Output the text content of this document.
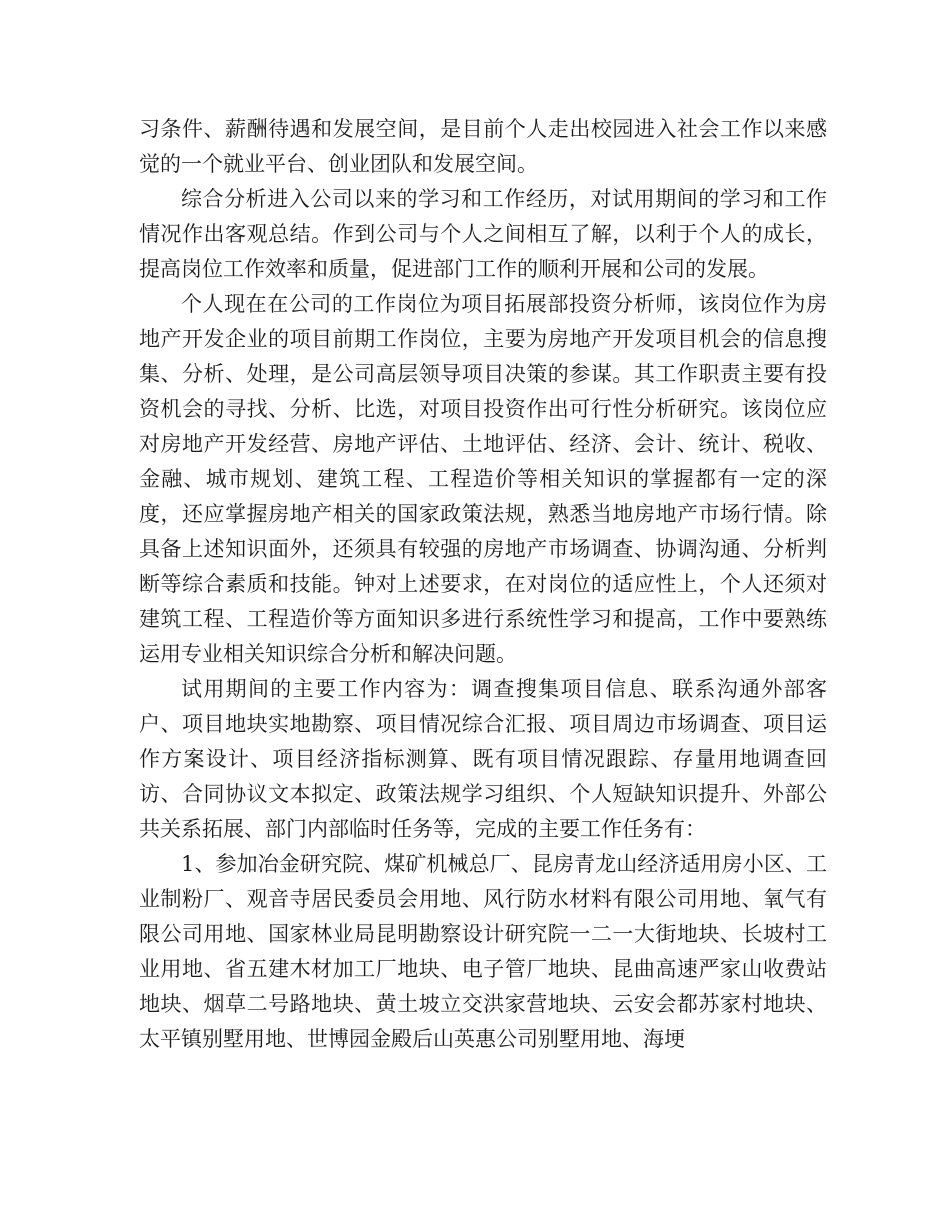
习条件、薪酬待遇和发展空间，是目前个人走出校园进入社会工作以来感觉的一个就业平台、创业团队和发展空间。

综合分析进入公司以来的学习和工作经历，对试用期间的学习和工作情况作出客观总结。作到公司与个人之间相互了解，以利于个人的成长，提高岗位工作效率和质量，促进部门工作的顺利开展和公司的发展。

个人现在在公司的工作岗位为项目拓展部投资分析师，该岗位作为房地产开发企业的项目前期工作岗位，主要为房地产开发项目机会的信息搜集、分析、处理，是公司高层领导项目决策的参谋。其工作职责主要有投资机会的寻找、分析、比选，对项目投资作出可行性分析研究。该岗位应对房地产开发经营、房地产评估、土地评估、经济、会计、统计、税收、金融、城市规划、建筑工程、工程造价等相关知识的掌握都有一定的深度，还应掌握房地产相关的国家政策法规，熟悉当地房地产市场行情。除具备上述知识面外，还须具有较强的房地产市场调查、协调沟通、分析判断等综合素质和技能。钟对上述要求，在对岗位的适应性上，个人还须对建筑工程、工程造价等方面知识多进行系统性学习和提高，工作中要熟练运用专业相关知识综合分析和解决问题。

试用期间的主要工作内容为：调查搜集项目信息、联系沟通外部客户、项目地块实地勘察、项目情况综合汇报、项目周边市场调查、项目运作方案设计、项目经济指标测算、既有项目情况跟踪、存量用地调查回访、合同协议文本拟定、政策法规学习组织、个人短缺知识提升、外部公共关系拓展、部门内部临时任务等，完成的主要工作任务有：

1、参加冶金研究院、煤矿机械总厂、昆房青龙山经济适用房小区、工业制粉厂、观音寺居民委员会用地、风行防水材料有限公司用地、氧气有限公司用地、国家林业局昆明勘察设计研究院一二一大街地块、长坡村工业用地、省五建木材加工厂地块、电子管厂地块、昆曲高速严家山收费站地块、烟草二号路地块、黄土坡立交洪家营地块、云安会都苏家村地块、太平镇别墅用地、世博园金殿后山英惠公司别墅用地、海埂
